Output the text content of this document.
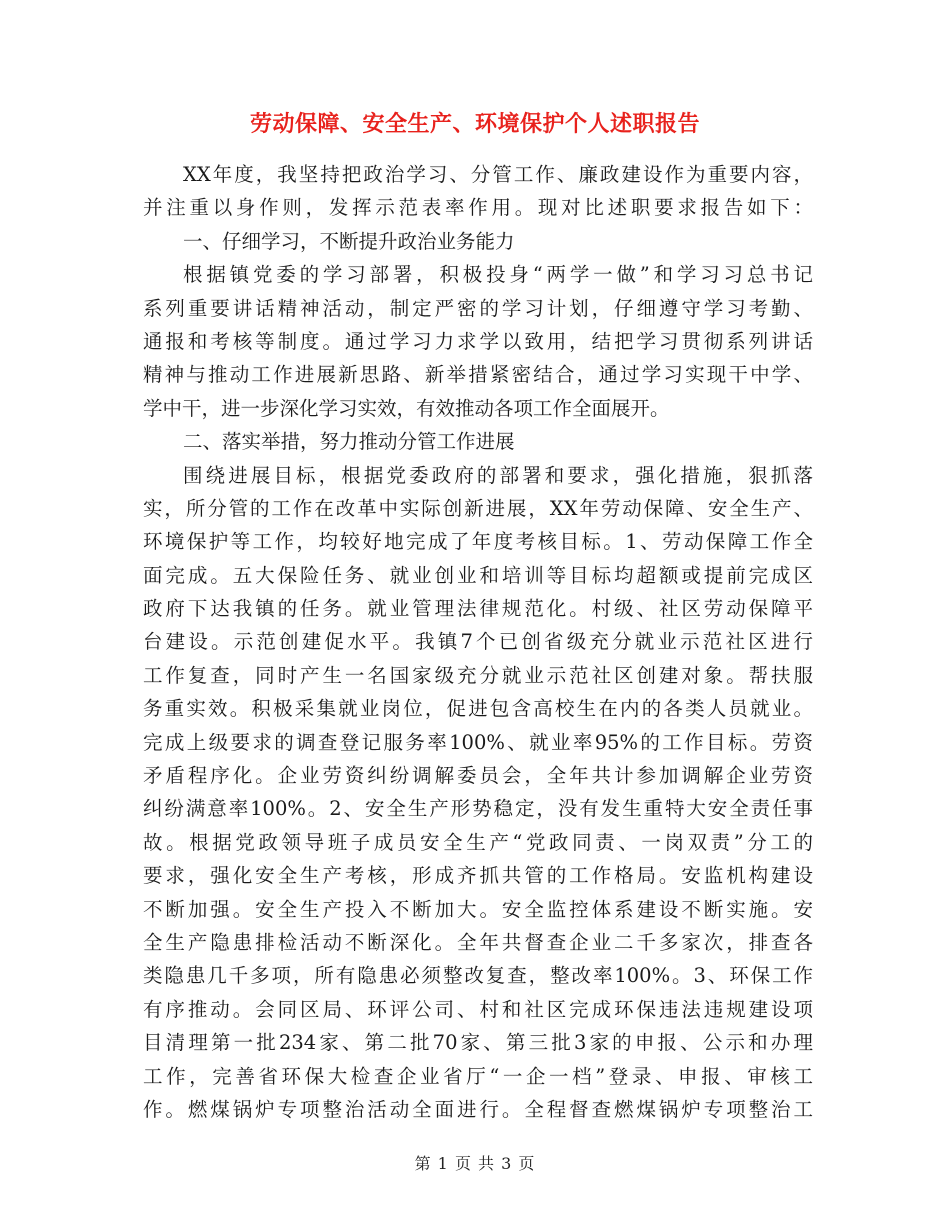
劳动保障、安全生产、环境保护个人述职报告
XX年度，我坚持把政治学习、分管工作、廉政建设作为重要内容，
并注重以身作则，发挥示范表率作用。现对比述职要求报告如下：
一、仔细学习，不断提升政治业务能力
根据镇党委的学习部署，积极投身“两学一做”和学习习总书记
系列重要讲话精神活动，制定严密的学习计划，仔细遵守学习考勤、
通报和考核等制度。通过学习力求学以致用，结把学习贯彻系列讲话
精神与推动工作进展新思路、新举措紧密结合，通过学习实现干中学、
学中干，进一步深化学习实效，有效推动各项工作全面展开。
二、落实举措，努力推动分管工作进展
围绕进展目标，根据党委政府的部署和要求，强化措施，狠抓落
实，所分管的工作在改革中实际创新进展，XX年劳动保障、安全生产、
环境保护等工作，均较好地完成了年度考核目标。1、劳动保障工作全
面完成。五大保险任务、就业创业和培训等目标均超额或提前完成区
政府下达我镇的任务。就业管理法律规范化。村级、社区劳动保障平
台建设。示范创建促水平。我镇7个已创省级充分就业示范社区进行
工作复查，同时产生一名国家级充分就业示范社区创建对象。帮扶服
务重实效。积极采集就业岗位，促进包含高校生在内的各类人员就业。
完成上级要求的调查登记服务率100%、就业率95%的工作目标。劳资
矛盾程序化。企业劳资纠纷调解委员会，全年共计参加调解企业劳资
纠纷满意率100%。2、安全生产形势稳定，没有发生重特大安全责任事
故。根据党政领导班子成员安全生产“党政同责、一岗双责”分工的
要求，强化安全生产考核，形成齐抓共管的工作格局。安监机构建设
不断加强。安全生产投入不断加大。安全监控体系建设不断实施。安
全生产隐患排检活动不断深化。全年共督查企业二千多家次，排查各
类隐患几千多项，所有隐患必须整改复查，整改率100%。3、环保工作
有序推动。会同区局、环评公司、村和社区完成环保违法违规建设项
目清理第一批234家、第二批70家、第三批3家的申报、公示和办理
工作，完善省环保大检查企业省厅“一企一档”登录、申报、审核工
作。燃煤锅炉专项整治活动全面进行。全程督查燃煤锅炉专项整治工
第 1 页 共 3 页
